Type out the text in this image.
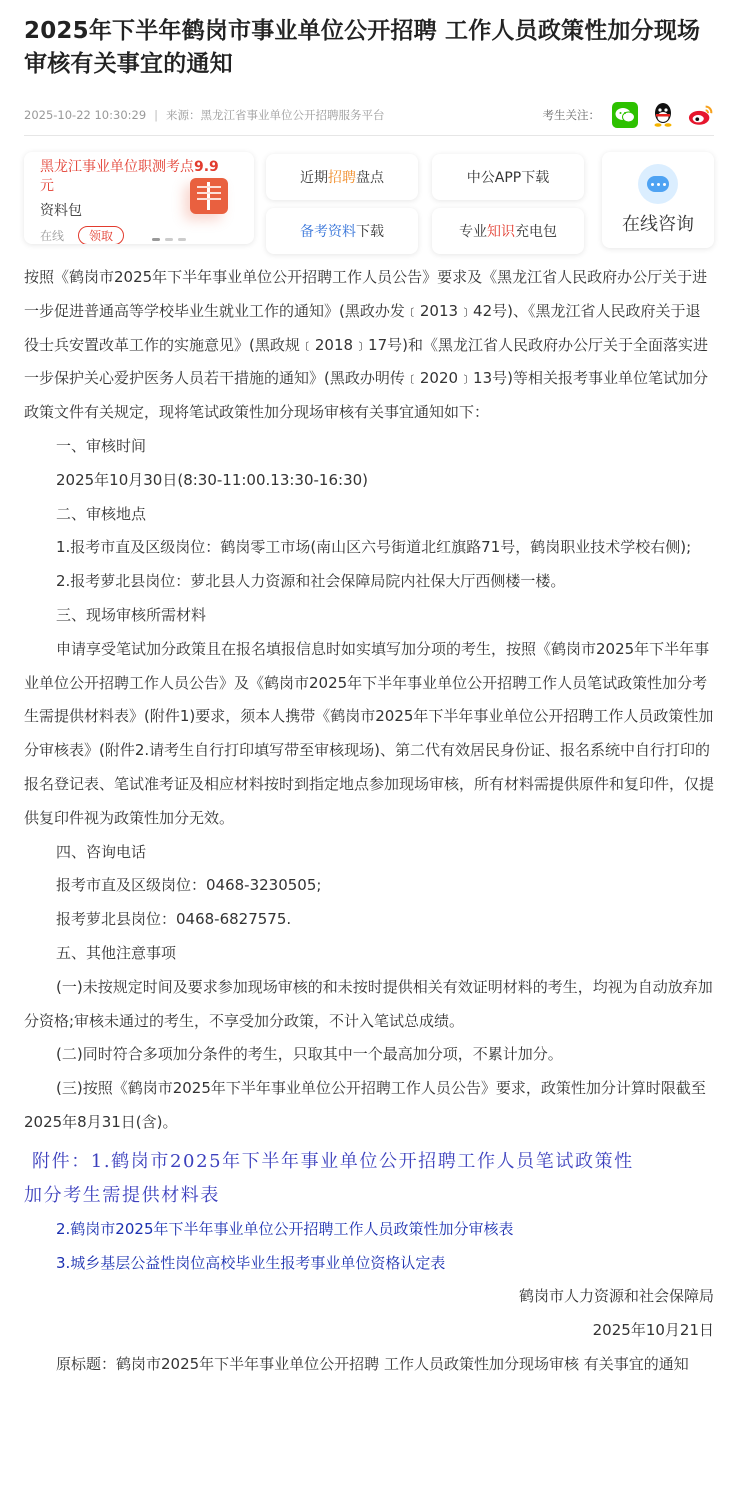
2025年下半年鹤岗市事业单位公开招聘 工作人员政策性加分现场审核有关事宜的通知
2025-10-22 10:30:29 | 来源：黑龙江省事业单位公开招聘服务平台	考生关注：
黑龙江事业单位职测考点9.9
元
资料包
在线	领取
近期 招聘 盘点	中公APP下载
备考资料 下载	专业 知识 充电包	在线咨询

按照《鹤岗市2025年下半年事业单位公开招聘工作人员公告》要求及《黑龙江省人民政府办公厅关于进一步促进普通高等学校毕业生就业工作的通知》(黑政办发﹝2013﹞42号)、《黑龙江省人民政府关于退役士兵安置改革工作的实施意见》(黑政规﹝2018﹞17号)和《黑龙江省人民政府办公厅关于全面落实进一步保护关心爱护医务人员若干措施的通知》(黑政办明传﹝2020﹞13号)等相关报考事业单位笔试加分政策文件有关规定，现将笔试政策性加分现场审核有关事宜通知如下：

一、审核时间

2025年10月30日(8:30-11:00.13:30-16:30)

二、审核地点

1.报考市直及区级岗位：鹤岗零工市场(南山区六号街道北红旗路71号，鹤岗职业技术学校右侧);

2.报考萝北县岗位：萝北县人力资源和社会保障局院内社保大厅西侧楼一楼。

三、现场审核所需材料

申请享受笔试加分政策且在报名填报信息时如实填写加分项的考生，按照《鹤岗市2025年下半年事业单位公开招聘工作人员公告》及《鹤岗市2025年下半年事业单位公开招聘工作人员笔试政策性加分考生需提供材料表》(附件1)要求，须本人携带《鹤岗市2025年下半年事业单位公开招聘工作人员政策性加分审核表》(附件2.请考生自行打印填写带至审核现场)、第二代有效居民身份证、报名系统中自行打印的报名登记表、笔试准考证及相应材料按时到指定地点参加现场审核，所有材料需提供原件和复印件，仅提供复印件视为政策性加分无效。

四、咨询电话

报考市直及区级岗位：0468-3230505;

报考萝北县岗位：0468-6827575.

五、其他注意事项

(一)未按规定时间及要求参加现场审核的和未按时提供相关有效证明材料的考生，均视为自动放弃加分资格;审核未通过的考生，不享受加分政策，不计入笔试总成绩。

(二)同时符合多项加分条件的考生，只取其中一个最高加分项，不累计加分。

(三)按照《鹤岗市2025年下半年事业单位公开招聘工作人员公告》要求，政策性加分计算时限截至2025年8月31日(含)。

附件：1.鹤岗市2025年下半年事业单位公开招聘工作人员笔试政策性
加分考生需提供材料表

2.鹤岗市2025年下半年事业单位公开招聘工作人员政策性加分审核表

3.城乡基层公益性岗位高校毕业生报考事业单位资格认定表

鹤岗市人力资源和社会保障局

2025年10月21日

原标题：鹤岗市2025年下半年事业单位公开招聘 工作人员政策性加分现场审核 有关事宜的通知
